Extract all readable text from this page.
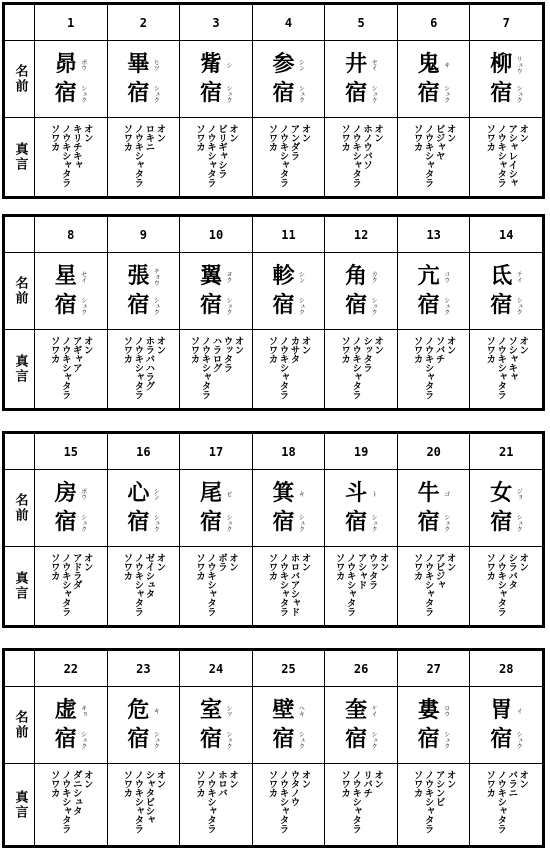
名前
真言
1
昴
宿
ボウ
シュク
オン
キリチキャ
ノウキシャタラ
ソワカ
2
畢
宿
ヒツ
シュク
オン
ロキニ
ノウキシャタラ
ソワカ
3
觜
宿
シ
シュク
オン
ビリギャシラ
ノウキシャタラ
ソワカ
4
参
宿
シン
シュク
オン
アンダラ
ノウキシャタラ
ソワカ
5
井
宿
セイ
シュク
オン
ホノウバソ
ノウキシャタラ
ソワカ
6
鬼
宿
キ
シュク
オン
ビジャヤ
ノウキシャタラ
ソワカ
7
柳
宿
リュウ
シュク
オン
アシャレイシャ
ノウキシャタラ
ソワカ
名前
真言
8
星
宿
セイ
シュク
オン
アギャア
ノウキシャタラ
ソワカ
9
張
宿
チョウ
シュク
オン
ホラバハラグ
ノウキシャタラ
ソワカ
10
翼
宿
ヨク
シュク
オン
ウッタラ
ハラログ
ノウキシャタラ
ソワカ
11
軫
宿
シン
シュク
オン
カサタ
ノウキシャタラ
ソワカ
12
角
宿
カク
シュク
オン
シッタラ
ノウキシャタラ
ソワカ
13
亢
宿
コウ
シュク
オン
ソバチ
ノウキシャタラ
ソワカ
14
氐
宿
テイ
シュク
オン
ソシャキャ
ノウキシャタラ
ソワカ
名前
真言
15
房
宿
ボウ
シュク
オン
アドラダ
ノウキシャタラ
ソワカ
16
心
宿
シン
シュク
オン
ゼイシュタ
ノウキシャタラ
ソワカ
17
尾
宿
ビ
シュク
オン
ボラ
ノウキシャタラ
ソワカ
18
箕
宿
キ
シュク
オン
ホロバアシャド
ノウキシャタラ
ソワカ
19
斗
宿
ト
シュク
オン
ウッタラ
アシャド
ノウキシャタラ
ソワカ
20
牛
宿
ゴ
シュク
オン
アビジャ
ノウキシャタラ
ソワカ
21
女
宿
ジョ
シュク
オン
シラバタ
ノウキシャタラ
ソワカ
名前
真言
22
虚
宿
キョ
シュク
オン
ダニシュタ
ノウキシャタラ
ソワカ
23
危
宿
キ
シュク
オン
シャタビシャ
ノウキシャタラ
ソワカ
24
室
宿
シツ
シュク
オン
ホロバ
ノウキシャタラ
ソワカ
25
壁
宿
ヘキ
シュク
オン
ウタノウ
ノウキシャタラ
ソワカ
26
奎
宿
ケイ
シュク
オン
リバチ
ノウキシャタラ
ソワカ
27
婁
宿
ロウ
シュク
オン
アシンビ
ノウキシャタラ
ソワカ
28
胃
宿
イ
シュク
オン
バラニ
ノウキシャタラ
ソワカ
